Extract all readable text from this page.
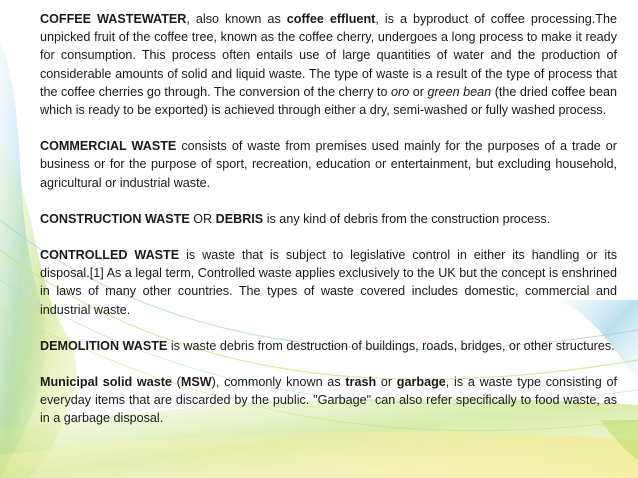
COFFEE WASTEWATER, also known as coffee effluent, is a byproduct of coffee processing.The unpicked fruit of the coffee tree, known as the coffee cherry, undergoes a long process to make it ready for consumption. This process often entails use of large quantities of water and the production of considerable amounts of solid and liquid waste. The type of waste is a result of the type of process that the coffee cherries go through. The conversion of the cherry to oro or green bean (the dried coffee bean which is ready to be exported) is achieved through either a dry, semi-washed or fully washed process.

COMMERCIAL WASTE consists of waste from premises used mainly for the purposes of a trade or business or for the purpose of sport, recreation, education or entertainment, but excluding household, agricultural or industrial waste.

CONSTRUCTION WASTE OR DEBRIS is any kind of debris from the construction process.

CONTROLLED WASTE is waste that is subject to legislative control in either its handling or its disposal.[1] As a legal term, Controlled waste applies exclusively to the UK but the concept is enshrined in laws of many other countries. The types of waste covered includes domestic, commercial and industrial waste.

DEMOLITION WASTE is waste debris from destruction of buildings, roads, bridges, or other structures.

Municipal solid waste (MSW), commonly known as trash or garbage, is a waste type consisting of everyday items that are discarded by the public. "Garbage" can also refer specifically to food waste, as in a garbage disposal.
